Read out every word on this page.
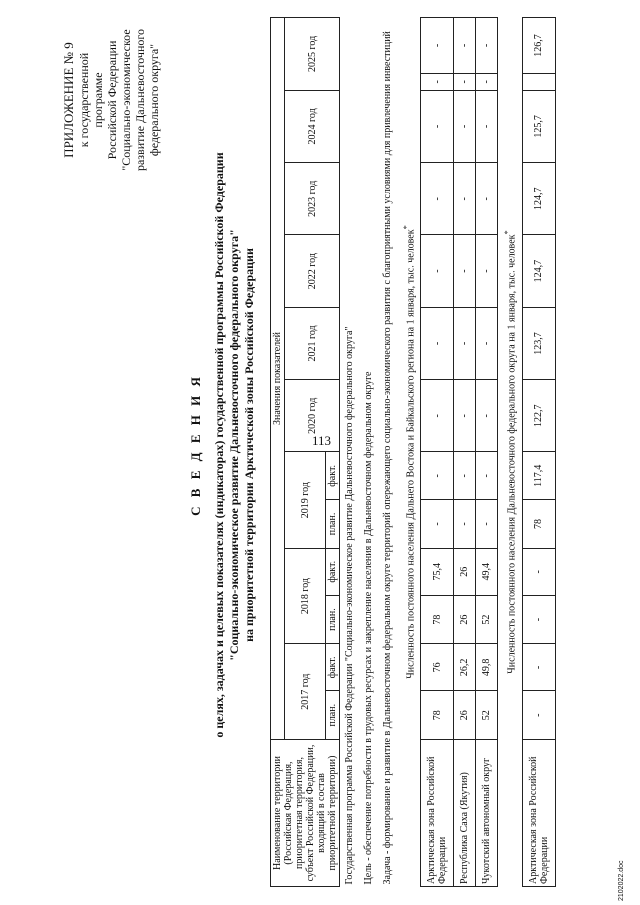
113
ПРИЛОЖЕНИЕ № 9 к государственной программе Российской Федерации "Социально-экономическое развитие Дальневосточного федерального округа"
С В Е Д Е Н И Я о целях, задачах и целевых показателях (индикаторах) государственной программы Российской Федерации "Социально-экономическое развитие Дальневосточного федерального округа" на приоритетной территории Арктической зоны Российской Федерации
Наименование территории (Российская Федерация, приоритетная территория, субъект Российской Федерации, входящий в состав приоритетной территории)	Значения показателей												
	2017 год		2018 год		2019 год		2020 год	2021 год	2022 год	2023 год	2024 год	2025 год	
	план.	факт.	план.	факт.	план.	факт.							
Государственная программа Российской Федерации "Социально-экономическое развитие Дальневосточного федерального округа"													
Цель - обеспечение потребности в трудовых ресурсах и закрепление населения в Дальневосточном федеральном округе													
Задача - формирование и развитие в Дальневосточном федеральном округе территорий опережающего социально-экономического развития с благоприятными условиями для привлечения инвестиций													
Численность постоянного населения Дальнего Востока и Байкальского региона на 1 января, тыс. человек*
Арктическая зона Российской Федерации	78	76	78	75,4	-	-	-	-	-	-	-	-	-
Республика Саха (Якутия)	26	26,2	26	26	-	-	-	-	-	-	-	-	-
Чукотский автономный округ	52	49,8	52	49,4	-	-	-	-	-	-	-	-	-
Численность постоянного населения Дальневосточного федерального округа на 1 января, тыс. человек*
Арктическая зона Российской Федерации	-	-	-	-	78	117,4	122,7	123,7	124,7	124,7	125,7		126,7
2102022.doc
